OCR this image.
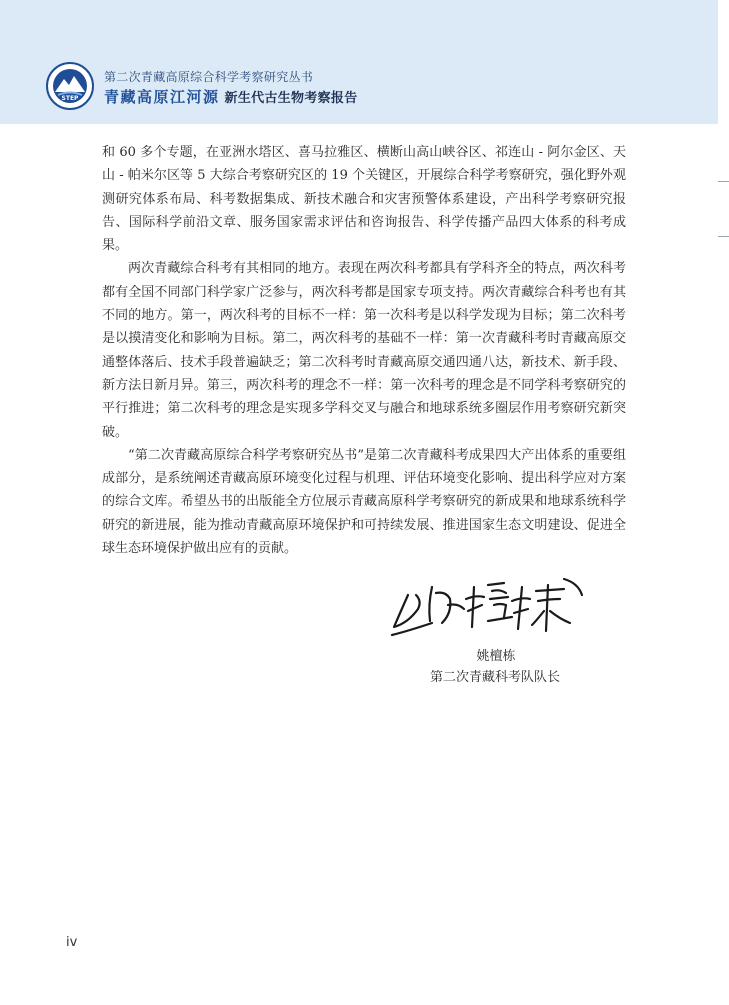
STEP
第二次青藏高原综合科学考察研究丛书
青藏高原江河源 新生代古生物考察报告

和 60 多个专题，在亚洲水塔区、喜马拉雅区、横断山高山峡谷区、祁连山 - 阿尔金区、天山 - 帕米尔区等 5 大综合考察研究区的 19 个关键区，开展综合科学考察研究，强化野外观测研究体系布局、科考数据集成、新技术融合和灾害预警体系建设，产出科学考察研究报告、国际科学前沿文章、服务国家需求评估和咨询报告、科学传播产品四大体系的科考成果。

两次青藏综合科考有其相同的地方。表现在两次科考都具有学科齐全的特点，两次科考都有全国不同部门科学家广泛参与，两次科考都是国家专项支持。两次青藏综合科考也有其不同的地方。第一，两次科考的目标不一样：第一次科考是以科学发现为目标；第二次科考是以摸清变化和影响为目标。第二，两次科考的基础不一样：第一次青藏科考时青藏高原交通整体落后、技术手段普遍缺乏；第二次科考时青藏高原交通四通八达，新技术、新手段、新方法日新月异。第三，两次科考的理念不一样：第一次科考的理念是不同学科考察研究的平行推进；第二次科考的理念是实现多学科交叉与融合和地球系统多圈层作用考察研究新突破。

“第二次青藏高原综合科学考察研究丛书”是第二次青藏科考成果四大产出体系的重要组成部分，是系统阐述青藏高原环境变化过程与机理、评估环境变化影响、提出科学应对方案的综合文库。希望丛书的出版能全方位展示青藏高原科学考察研究的新成果和地球系统科学研究的新进展，能为推动青藏高原环境保护和可持续发展、推进国家生态文明建设、促进全球生态环境保护做出应有的贡献。

姚檀栋
第二次青藏科考队队长
iv
